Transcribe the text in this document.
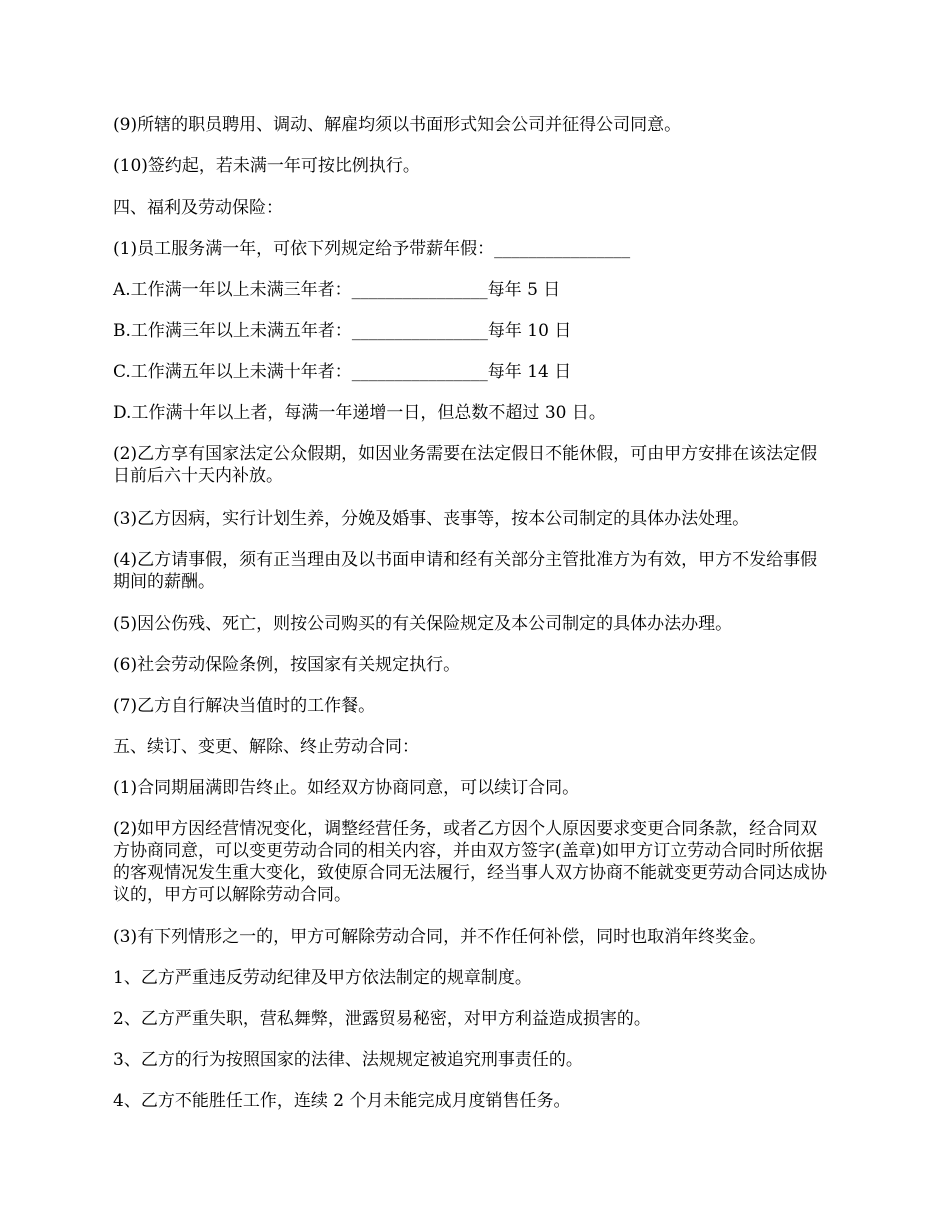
(9)所辖的职员聘用、调动、解雇均须以书面形式知会公司并征得公司同意。

(10)签约起，若未满一年可按比例执行。

四、福利及劳动保险：

(1)员工服务满一年，可依下列规定给予带薪年假：________________

A.工作满一年以上未满三年者：________________每年 5 日

B.工作满三年以上未满五年者：________________每年 10 日

C.工作满五年以上未满十年者：________________每年 14 日

D.工作满十年以上者，每满一年递增一日，但总数不超过 30 日。

(2)乙方享有国家法定公众假期，如因业务需要在法定假日不能休假，可由甲方安排在该法定假日前后六十天内补放。

(3)乙方因病，实行计划生养，分娩及婚事、丧事等，按本公司制定的具体办法处理。

(4)乙方请事假，须有正当理由及以书面申请和经有关部分主管批准方为有效，甲方不发给事假期间的薪酬。

(5)因公伤残、死亡，则按公司购买的有关保险规定及本公司制定的具体办法办理。

(6)社会劳动保险条例，按国家有关规定执行。

(7)乙方自行解决当值时的工作餐。

五、续订、变更、解除、终止劳动合同：

(1)合同期届满即告终止。如经双方协商同意，可以续订合同。

(2)如甲方因经营情况变化，调整经营任务，或者乙方因个人原因要求变更合同条款，经合同双方协商同意，可以变更劳动合同的相关内容，并由双方签字(盖章)如甲方订立劳动合同时所依据的客观情况发生重大变化，致使原合同无法履行，经当事人双方协商不能就变更劳动合同达成协议的，甲方可以解除劳动合同。

(3)有下列情形之一的，甲方可解除劳动合同，并不作任何补偿，同时也取消年终奖金。

1、乙方严重违反劳动纪律及甲方依法制定的规章制度。

2、乙方严重失职，营私舞弊，泄露贸易秘密，对甲方利益造成损害的。

3、乙方的行为按照国家的法律、法规规定被追究刑事责任的。

4、乙方不能胜任工作，连续 2 个月未能完成月度销售任务。
